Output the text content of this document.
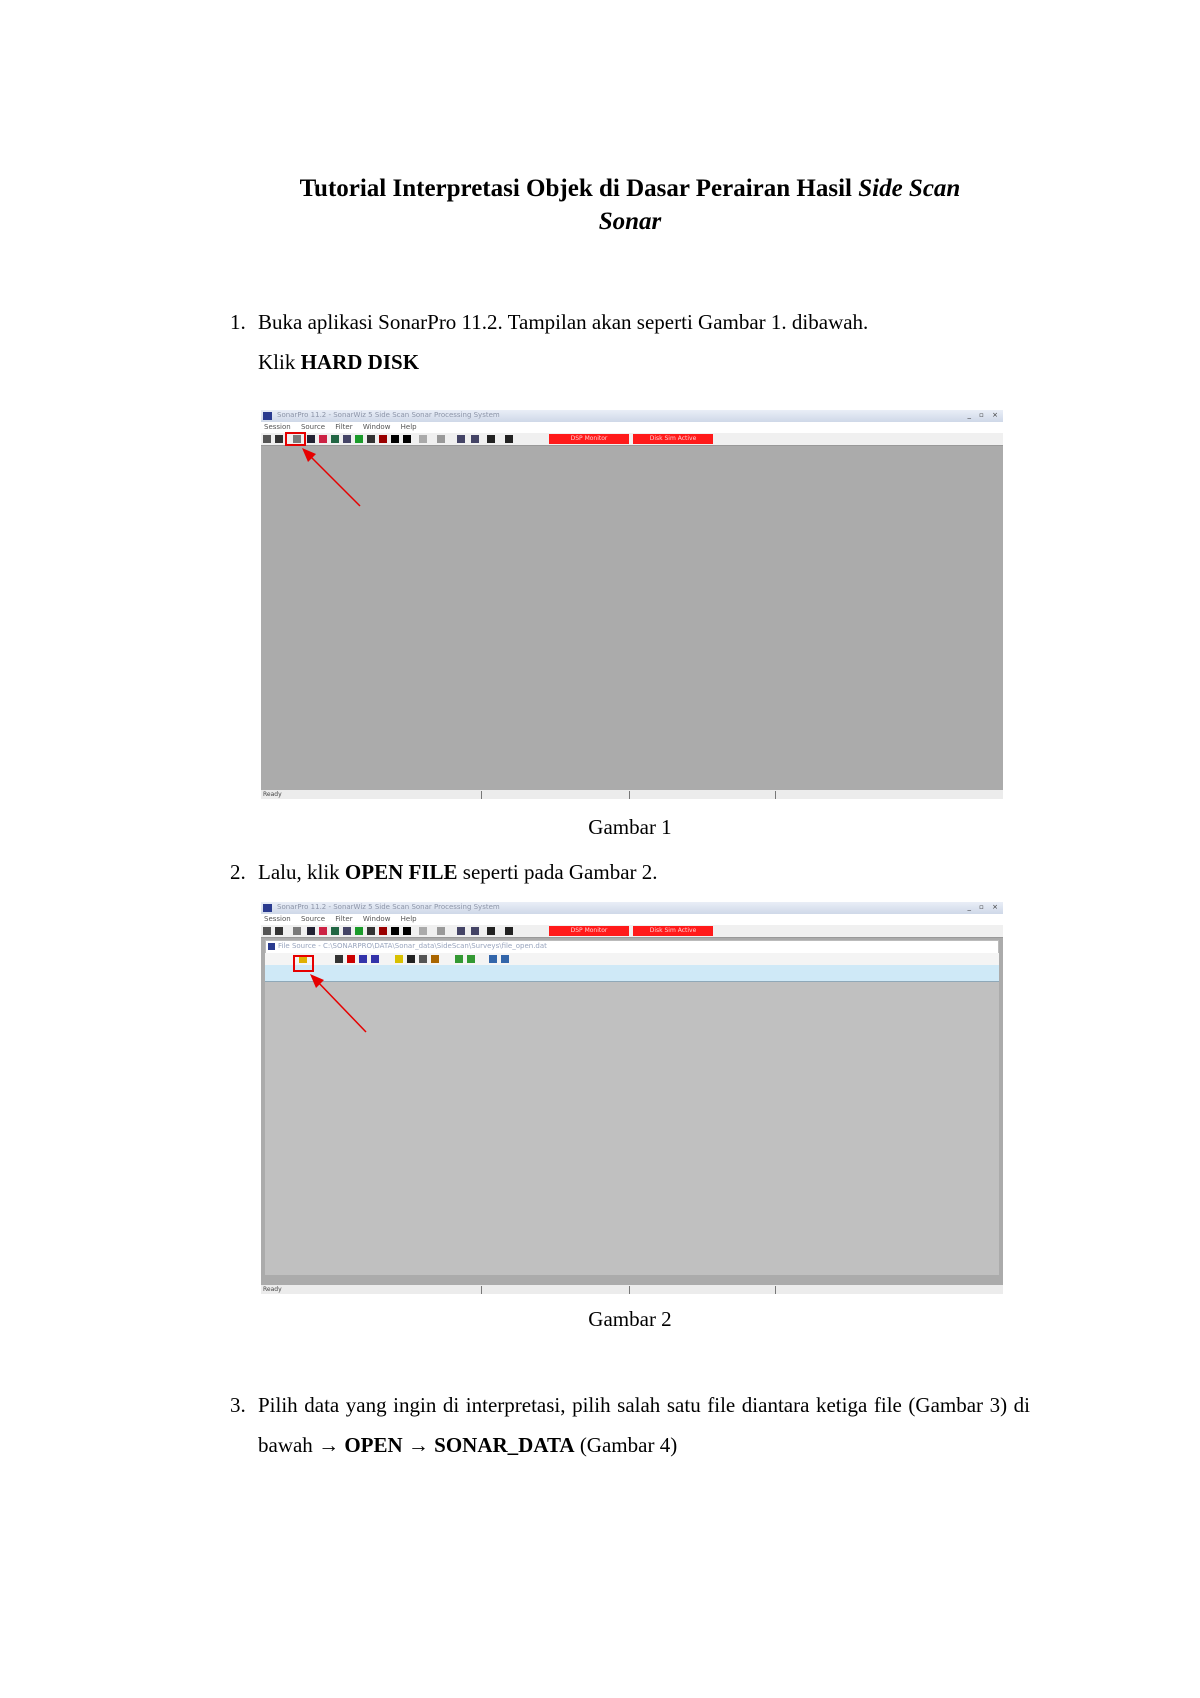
Tutorial Interpretasi Objek di Dasar Perairan Hasil Side Scan
Sonar
1. Buka aplikasi SonarPro 11.2. Tampilan akan seperti Gambar 1. dibawah.
Klik HARD DISK
SonarPro 11.2 - SonarWiz 5 Side Scan Sonar Processing System	_ ▫ ×
Session Source Filter Window Help
DSP Monitor	Disk Sim Active
Ready
Gambar 1
2. Lalu, klik OPEN FILE seperti pada Gambar 2.
SonarPro 11.2 - SonarWiz 5 Side Scan Sonar Processing System	_ ▫ ×
Session Source Filter Window Help
DSP Monitor	Disk Sim Active
File Source - C:\SONARPRO\DATA\Sonar_data\SideScan\Surveys\file_open.dat
Ready
Gambar 2
3. Pilih data yang ingin di interpretasi, pilih salah satu file diantara ketiga file (Gambar 3) di bawah → OPEN → SONAR_DATA (Gambar 4)
